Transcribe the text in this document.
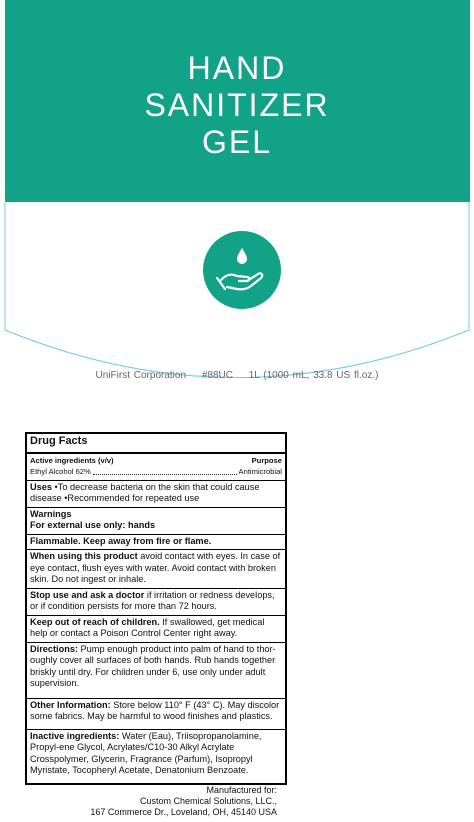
HAND
SANITIZER
GEL
UniFirst Corporation #88UC 1L (1000 mL, 33.8 US fl.oz.)
Drug Facts
Active ingredients (v/v)	Purpose
Ethyl Alcohol 62%	Antimicrobial
Uses •To decrease bacteria on the skin that could cause disease •Recommended for repeated use
Warnings
For external use only: hands
Flammable. Keep away from fire or flame.
When using this product avoid contact with eyes. In case of eye contact, flush eyes with water. Avoid contact with broken skin. Do not ingest or inhale.
Stop use and ask a doctor if irritation or redness develops, or if condition persists for more than 72 hours.
Keep out of reach of children. If swallowed, get medical help or contact a Poison Control Center right away.
Directions: Pump enough product into palm of hand to thor-oughly cover all surfaces of both hands. Rub hands together briskly until dry. For children under 6, use only under adult supervision.
Other Information: Store below 110° F (43° C). May discolor some fabrics. May be harmful to wood finishes and plastics.
Inactive ingredients: Water (Eau), Triisopropanolamine, Propyl-ene Glycol, Acrylates/C10-30 Alkyl Acrylate Crosspolymer, Glycerin, Fragrance (Parfum), Isopropyl Myristate, Tocopheryl Acetate, Denatonium Benzoate.
Manufactured for:
Custom Chemical Solutions, LLC.,
167 Commerce Dr., Loveland, OH, 45140 USA
